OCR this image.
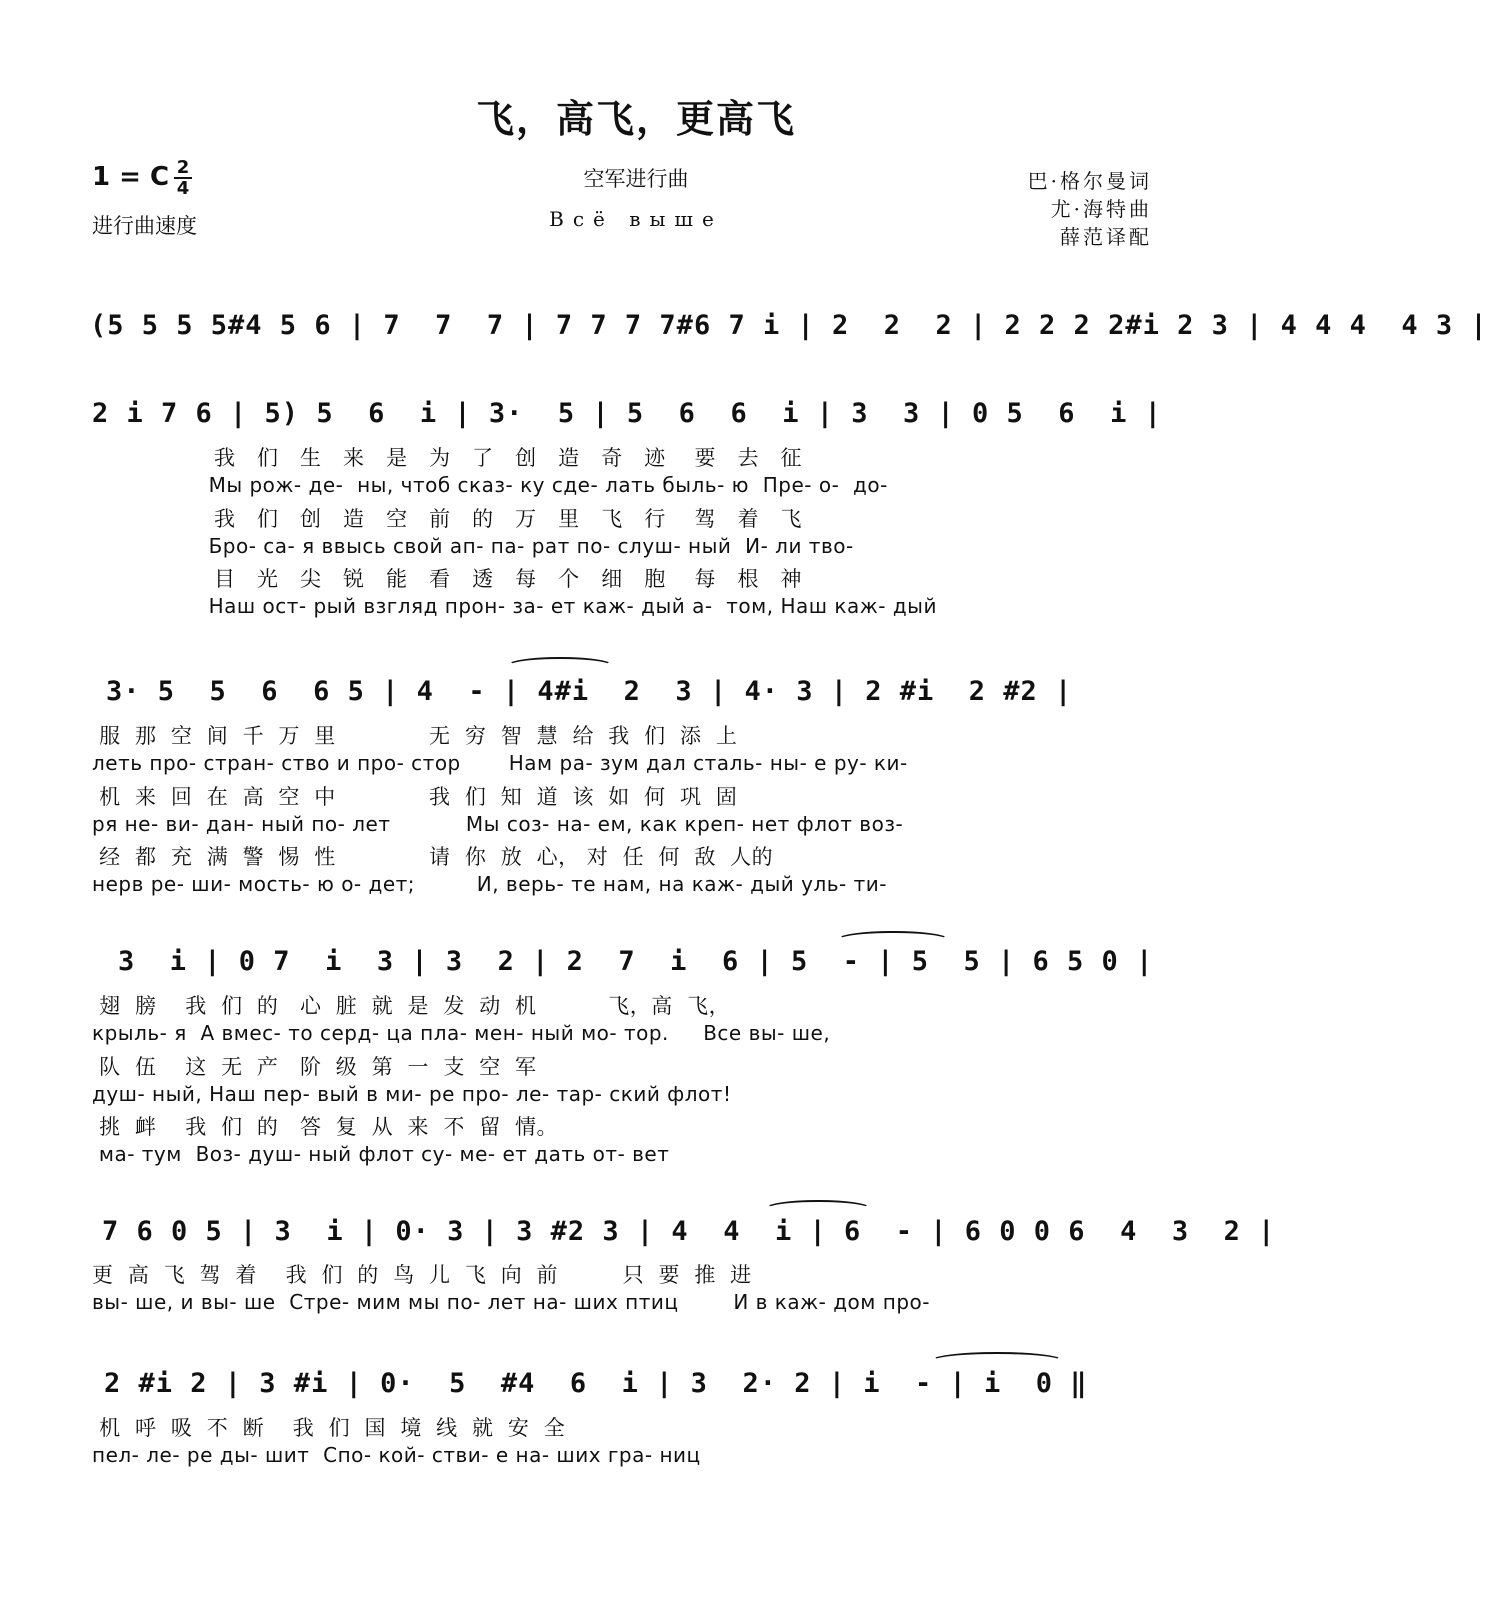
飞，高飞，更高飞
1 = C 2
4
进行曲速度
空军进行曲
Всё выше
巴·格尔曼词
尤·海特曲
薛范译配
(5 5 5 5#4 5 6 | 7  7  7 | 7 7 7 7#6 7 i | 2  2  2 | 2 2 2 2#i 2 3 | 4 4 4  4 3 |
2 i 7 6 | 5) 5  6  i | 3·  5 | 5  6  6  i | 3  3 | 0 5  6  i |
我   们   生   来   是   为   了   创   造   奇   迹    要   去   征
Мы рож- де-  ны, чтоб сказ- ку сде- лать быль- ю  Пре- о-  до-
我   们   创   造   空   前   的   万   里   飞   行    驾   着   飞
Бро- са- я ввысь свой ап- па- рат по- слуш- ный  И- ли тво-
目   光   尖   锐   能   看   透   每   个   细   胞    每   根   神
Наш ост- рый взгляд прон- за- ет каж- дый а-  том, Наш каж- дый
3· 5  5  6  6 5 | 4  - | 4#i  2  3 | 4· 3 | 2 #i  2 #2 |
服  那  空  间  千  万  里             无  穷  智  慧  给  我  们  添  上
леть про- стран- ство и про- стор       Нам ра- зум дал сталь- ны- е ру- ки-
机  来  回  在  高  空  中             我  们  知  道  该  如  何  巩  固
ря не- ви- дан- ный по- лет           Мы соз- на- ем, как креп- нет флот воз-
经  都  充  满  警  惕  性             请  你  放  心， 对  任  何  敌  人的
нерв ре- ши- мость- ю о- дет;         И, верь- те нам, на каж- дый уль- ти-
3  i | 0 7  i  3 | 3  2 | 2  7  i  6 | 5  - | 5  5 | 6 5 0 |
翅  膀    我  们  的   心  脏  就  是  发  动  机          飞，高  飞，
крыль- я  А вмес- то серд- ца пла- мен- ный мо- тор.     Все вы- ше,
队  伍    这  无  产   阶  级  第  一  支  空  军
душ- ный, Наш пер- вый в ми- ре про- ле- тар- ский флот!
挑  衅    我  们  的   答  复  从  来  不  留  情。
ма- тум  Воз- душ- ный флот су- ме- ет дать от- вет
7 6 0 5 | 3  i | 0· 3 | 3 #2 3 | 4  4  i | 6  - | 6 0 0 6  4  3  2 |
更  高  飞  驾  着    我  们  的  鸟  儿  飞  向  前         只  要  推  进
вы- ше, и вы- ше  Стре- мим мы по- лет на- ших птиц        И в каж- дом про-
2 #i 2 | 3 #i | 0·  5  #4  6  i | 3  2· 2 | i  - | i  0 ‖
机  呼  吸  不  断    我  们  国  境  线  就  安  全
пел- ле- ре ды- шит  Спо- кой- стви- е на- ших гра- ниц
